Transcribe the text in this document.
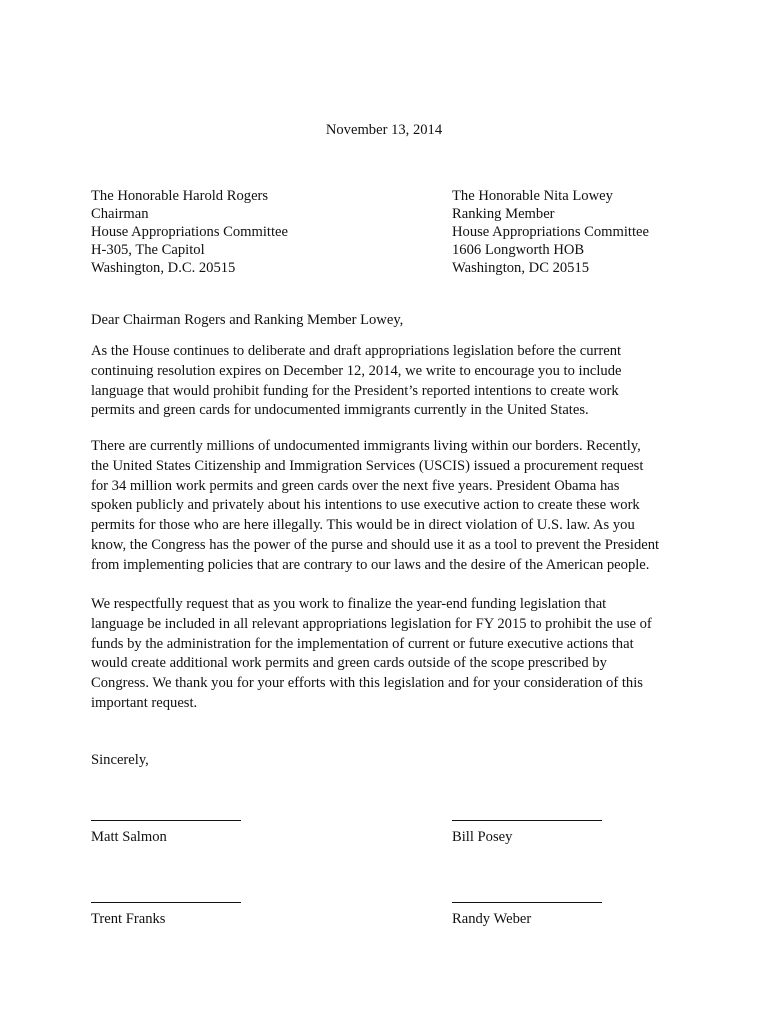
November 13, 2014
The Honorable Harold Rogers
Chairman
House Appropriations Committee
H-305, The Capitol
Washington, D.C. 20515
The Honorable Nita Lowey
Ranking Member
House Appropriations Committee
1606 Longworth HOB
Washington, DC 20515
Dear Chairman Rogers and Ranking Member Lowey,
As the House continues to deliberate and draft appropriations legislation before the current
continuing resolution expires on December 12, 2014, we write to encourage you to include
language that would prohibit funding for the President’s reported intentions to create work
permits and green cards for undocumented immigrants currently in the United States.
There are currently millions of undocumented immigrants living within our borders. Recently,
the United States Citizenship and Immigration Services (USCIS) issued a procurement request
for 34 million work permits and green cards over the next five years. President Obama has
spoken publicly and privately about his intentions to use executive action to create these work
permits for those who are here illegally. This would be in direct violation of U.S. law. As you
know, the Congress has the power of the purse and should use it as a tool to prevent the President
from implementing policies that are contrary to our laws and the desire of the American people.
We respectfully request that as you work to finalize the year-end funding legislation that
language be included in all relevant appropriations legislation for FY 2015 to prohibit the use of
funds by the administration for the implementation of current or future executive actions that
would create additional work permits and green cards outside of the scope prescribed by
Congress. We thank you for your efforts with this legislation and for your consideration of this
important request.
Sincerely,
Matt Salmon	Bill Posey
Trent Franks	Randy Weber
